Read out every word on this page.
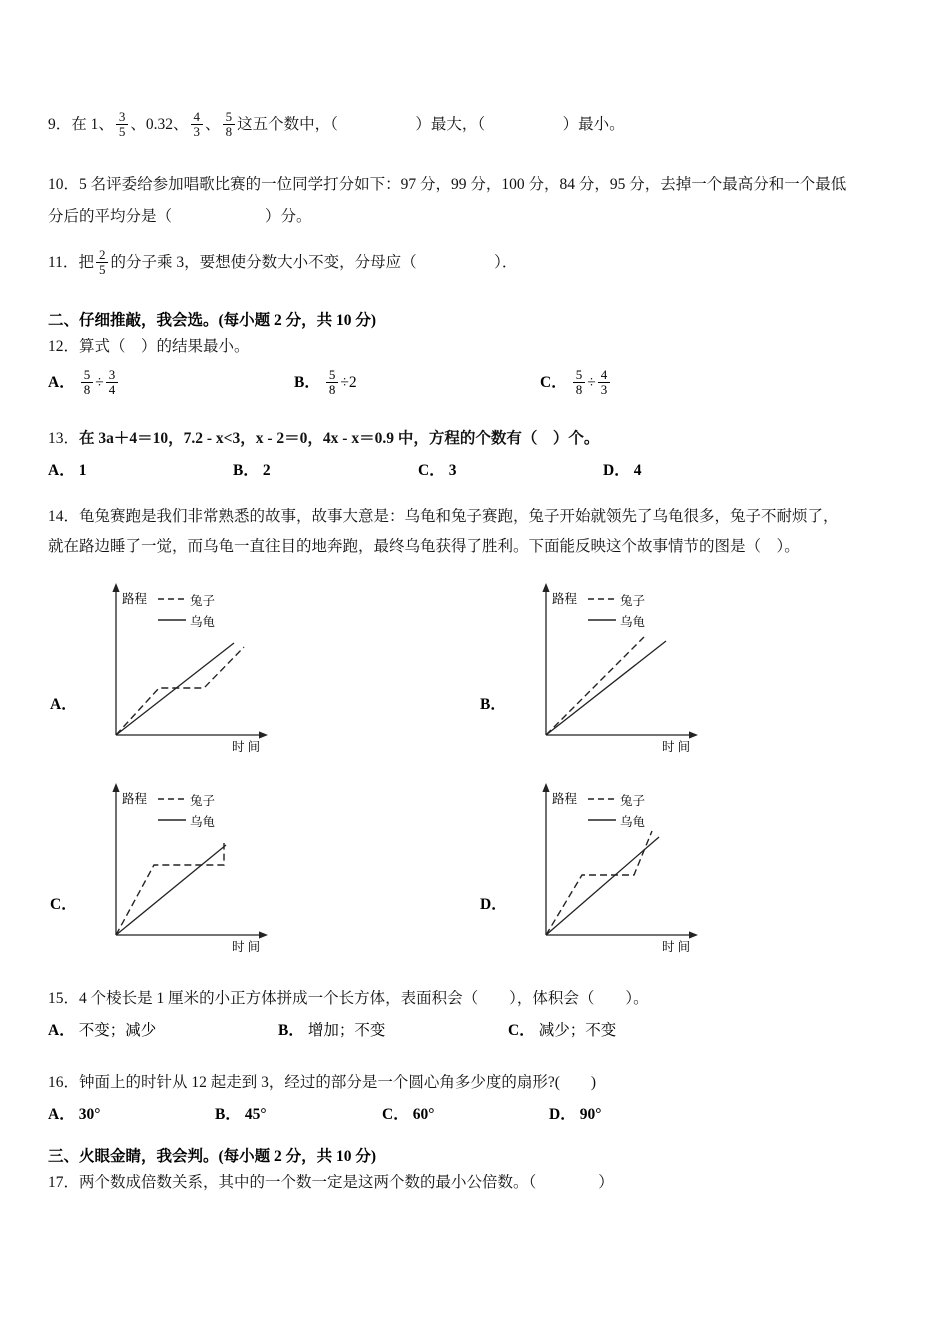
9．在 1、 $\frac{3}{5}$ 、0.32、 $\frac{4}{3}$ 、 $\frac{5}{8}$ 这五个数中，（　　　　　）最大，（　　　　　）最小。
10．5 名评委给参加唱歌比赛的一位同学打分如下：97 分，99 分，100 分，84 分，95 分，去掉一个最高分和一个最低
分后的平均分是（　　　　　　）分。
11．把 $\frac{2}{5}$ 的分子乘 3，要想使分数大小不变，分母应（　　　　　）．
二、仔细推敲，我会选。(每小题 2 分，共 10 分)
12．算式（　）的结果最小。
A． $\frac{5}{8} \div \frac{3}{4}$	B． $\frac{5}{8} \div 2$	C． $\frac{5}{8} \div \frac{4}{3}$
13．在 3a＋4＝10，7.2 - x<3，x - 2＝0，4x - x＝0.9 中，方程的个数有（　）个。
A． 1	B． 2	C． 3	D． 4
14．龟兔赛跑是我们非常熟悉的故事，故事大意是：乌龟和兔子赛跑，兔子开始就领先了乌龟很多，兔子不耐烦了，
就在路边睡了一觉，而乌龟一直往目的地奔跑，最终乌龟获得了胜利。下面能反映这个故事情节的图是（　）。
A．
路程	兔子
乌龟
时 间
B．
路程	兔子
乌龟
时 间
C．
路程	兔子
乌龟
时 间
D．
路程	兔子
乌龟
时 间
15．4 个棱长是 1 厘米的小正方体拼成一个长方体，表面积会（　　），体积会（　　）。
A． 不变；减少	B． 增加；不变	C． 减少；不变
16．钟面上的时针从 12 起走到 3，经过的部分是一个圆心角多少度的扇形?(　　)
A． 30°	B． 45°	C． 60°	D． 90°
三、火眼金睛，我会判。(每小题 2 分，共 10 分)
17．两个数成倍数关系，其中的一个数一定是这两个数的最小公倍数。（　　　　）
